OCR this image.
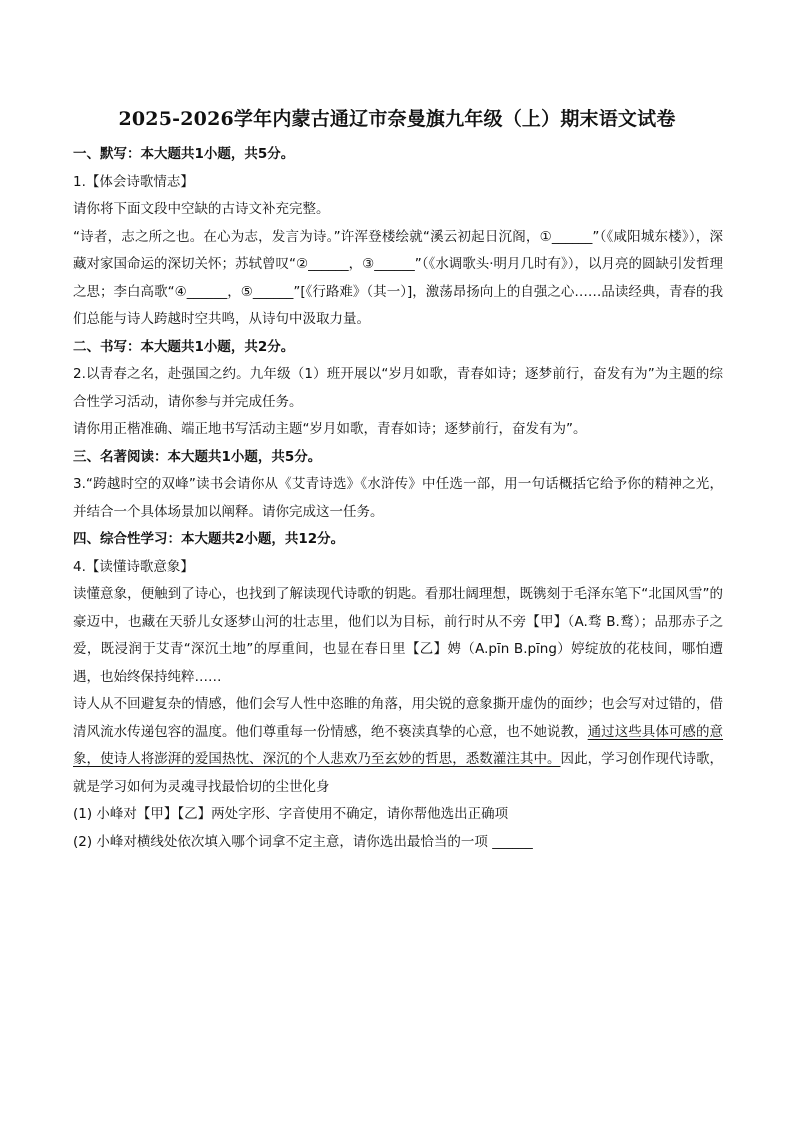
2025-2026学年内蒙古通辽市奈曼旗九年级（上）期末语文试卷
一、默写：本大题共1小题，共5分。
1.【体会诗歌情志】
请你将下面文段中空缺的古诗文补充完整。
“诗者，志之所之也。在心为志，发言为诗。”许浑登楼绘就“溪云初起日沉阁，①______”（《咸阳城东楼》），深藏对家国命运的深切关怀；苏轼曾叹“②______，③______”（《水调歌头·明月几时有》），以月亮的圆缺引发哲理之思；李白高歌“④______，⑤______”[《行路难》（其一）]，激荡昂扬向上的自强之心……品读经典，青春的我们总能与诗人跨越时空共鸣，从诗句中汲取力量。
二、书写：本大题共1小题，共2分。
2.以青春之名，赴强国之约。九年级（1）班开展以“岁月如歌，青春如诗；逐梦前行，奋发有为”为主题的综合性学习活动，请你参与并完成任务。
请你用正楷准确、端正地书写活动主题“岁月如歌，青春如诗；逐梦前行，奋发有为”。
三、名著阅读：本大题共1小题，共5分。
3.“跨越时空的双峰”读书会请你从《艾青诗选》《水浒传》中任选一部，用一句话概括它给予你的精神之光，并结合一个具体场景加以阐释。请你完成这一任务。
四、综合性学习：本大题共2小题，共12分。
4.【读懂诗歌意象】
读懂意象，便触到了诗心，也找到了解读现代诗歌的钥匙。看那壮阔理想，既镌刻于毛泽东笔下“北国风雪”的豪迈中，也藏在天骄儿女逐梦山河的壮志里，他们以为目标，前行时从不旁【甲】（A.骛 B.鹜）；品那赤子之爱，既浸润于艾青“深沉土地”的厚重间，也显在春日里【乙】娉（A.pīn B.pīng）婷绽放的花枝间，哪怕遭遇，也始终保持纯粹……
诗人从不回避复杂的情感，他们会写人性中恣睢的角落，用尖锐的意象撕开虚伪的面纱；也会写对过错的，借清风流水传递包容的温度。他们尊重每一份情感，绝不亵渎真挚的心意，也不她说教，通过这些具体可感的意象，使诗人将澎湃的爱国热忱、深沉的个人悲欢乃至玄妙的哲思，悉数灌注其中。因此，学习创作现代诗歌，就是学习如何为灵魂寻找最恰切的尘世化身
(1) 小峰对【甲】【乙】两处字形、字音使用不确定，请你帮他选出正确项
(2) 小峰对横线处依次填入哪个词拿不定主意，请你选出最恰当的一项 ______
